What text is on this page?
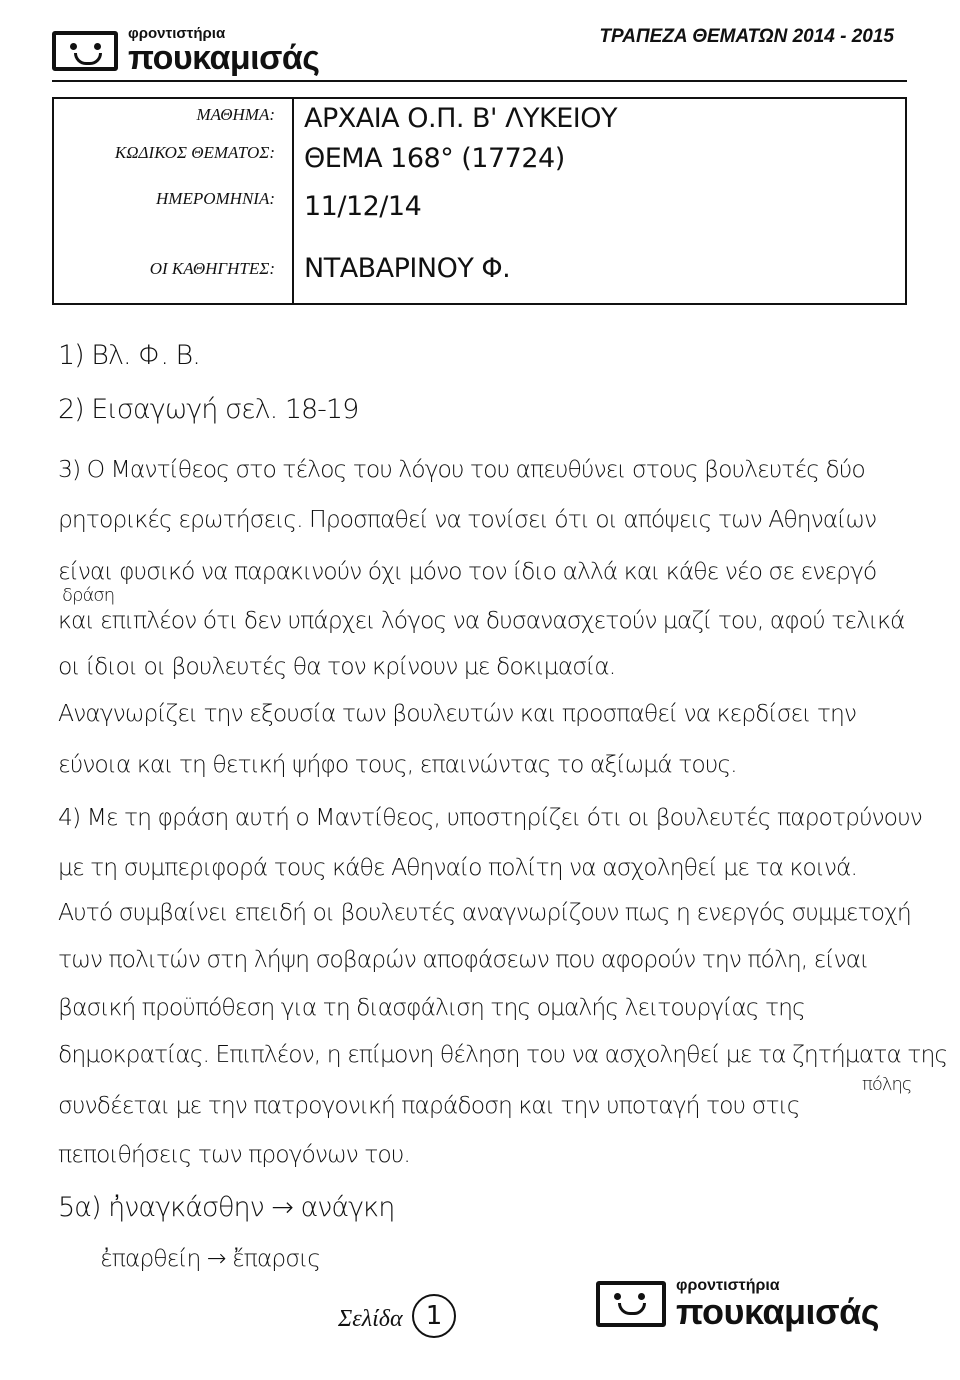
φροντιστήρια
πουκαμισάς
ΤΡΑΠΕΖΑ ΘΕΜΑΤΩΝ 2014 - 2015
ΜΑΘΗΜΑ: ΑΡΧΑΙΑ Ο.Π. Β' ΛΥΚΕΙΟΥ
ΚΩΔΙΚΟΣ ΘΕΜΑΤΟΣ: ΘΕΜΑ 168° (17724)
ΗΜΕΡΟΜΗΝΙΑ: 11/12/14
ΟΙ ΚΑΘΗΓΗΤΕΣ: ΝΤΑΒΑΡΙΝΟΥ Φ.
1) Βλ. Φ. Β.
2) Εισαγωγή σελ. 18-19
3) Ο Μαντίθεος στο τέλος του λόγου του απευθύνει στους βουλευτές δύο
ρητορικές ερωτήσεις. Προσπαθεί να τονίσει ότι οι απόψεις των Αθηναίων
είναι φυσικό να παρακινούν όχι μόνο τον ίδιο αλλά και κάθε νέο σε ενεργό
δράση
και επιπλέον ότι δεν υπάρχει λόγος να δυσανασχετούν μαζί του, αφού τελικά
οι ίδιοι οι βουλευτές θα τον κρίνουν με δοκιμασία.
Αναγνωρίζει την εξουσία των βουλευτών και προσπαθεί να κερδίσει την
εύνοια και τη θετική ψήφο τους, επαινώντας το αξίωμά τους.
4) Με τη φράση αυτή ο Μαντίθεος, υποστηρίζει ότι οι βουλευτές παροτρύνουν
με τη συμπεριφορά τους κάθε Αθηναίο πολίτη να ασχοληθεί με τα κοινά.
Αυτό συμβαίνει επειδή οι βουλευτές αναγνωρίζουν πως η ενεργός συμμετοχή
των πολιτών στη λήψη σοβαρών αποφάσεων που αφορούν την πόλη, είναι
βασική προϋπόθεση για τη διασφάλιση της ομαλής λειτουργίας της
δημοκρατίας. Επιπλέον, η επίμονη θέληση του να ασχοληθεί με τα ζητήματα της
πόλης
συνδέεται με την πατρογονική παράδοση και την υποταγή του στις
πεποιθήσεις των προγόνων του.
5α) ἠναγκάσθην → ανάγκη
ἐπαρθείη → ἔπαρσις
Σελίδα 1
φροντιστήρια
πουκαμισάς
